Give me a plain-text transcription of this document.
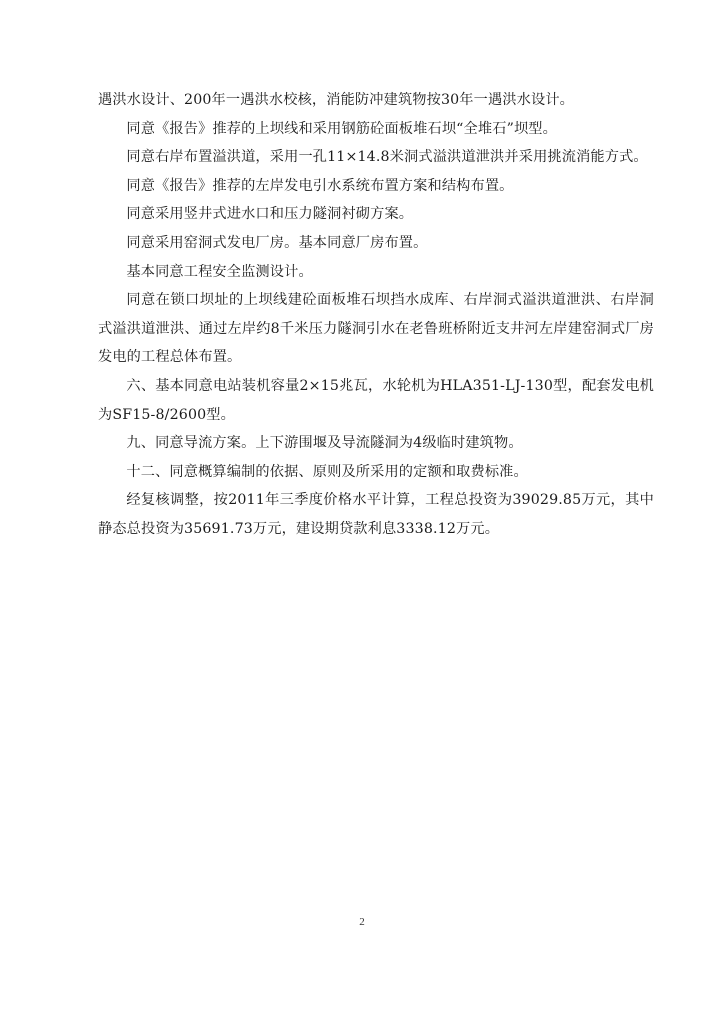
遇洪水设计、200年一遇洪水校核，消能防冲建筑物按30年一遇洪水设计。

同意《报告》推荐的上坝线和采用钢筋砼面板堆石坝“全堆石”坝型。

同意右岸布置溢洪道，采用一孔11×14.8米洞式溢洪道泄洪并采用挑流消能方式。

同意《报告》推荐的左岸发电引水系统布置方案和结构布置。

同意采用竖井式进水口和压力隧洞衬砌方案。

同意采用窑洞式发电厂房。基本同意厂房布置。

基本同意工程安全监测设计。

同意在锁口坝址的上坝线建砼面板堆石坝挡水成库、右岸洞式溢洪道泄洪、右岸洞式溢洪道泄洪、通过左岸约8千米压力隧洞引水在老鲁班桥附近支井河左岸建窑洞式厂房发电的工程总体布置。

六、基本同意电站装机容量2×15兆瓦，水轮机为HLA351-LJ-130型，配套发电机为SF15-8/2600型。

九、同意导流方案。上下游围堰及导流隧洞为4级临时建筑物。

十二、同意概算编制的依据、原则及所采用的定额和取费标准。

经复核调整，按2011年三季度价格水平计算，工程总投资为39029.85万元，其中静态总投资为35691.73万元，建设期贷款利息3338.12万元。

2
